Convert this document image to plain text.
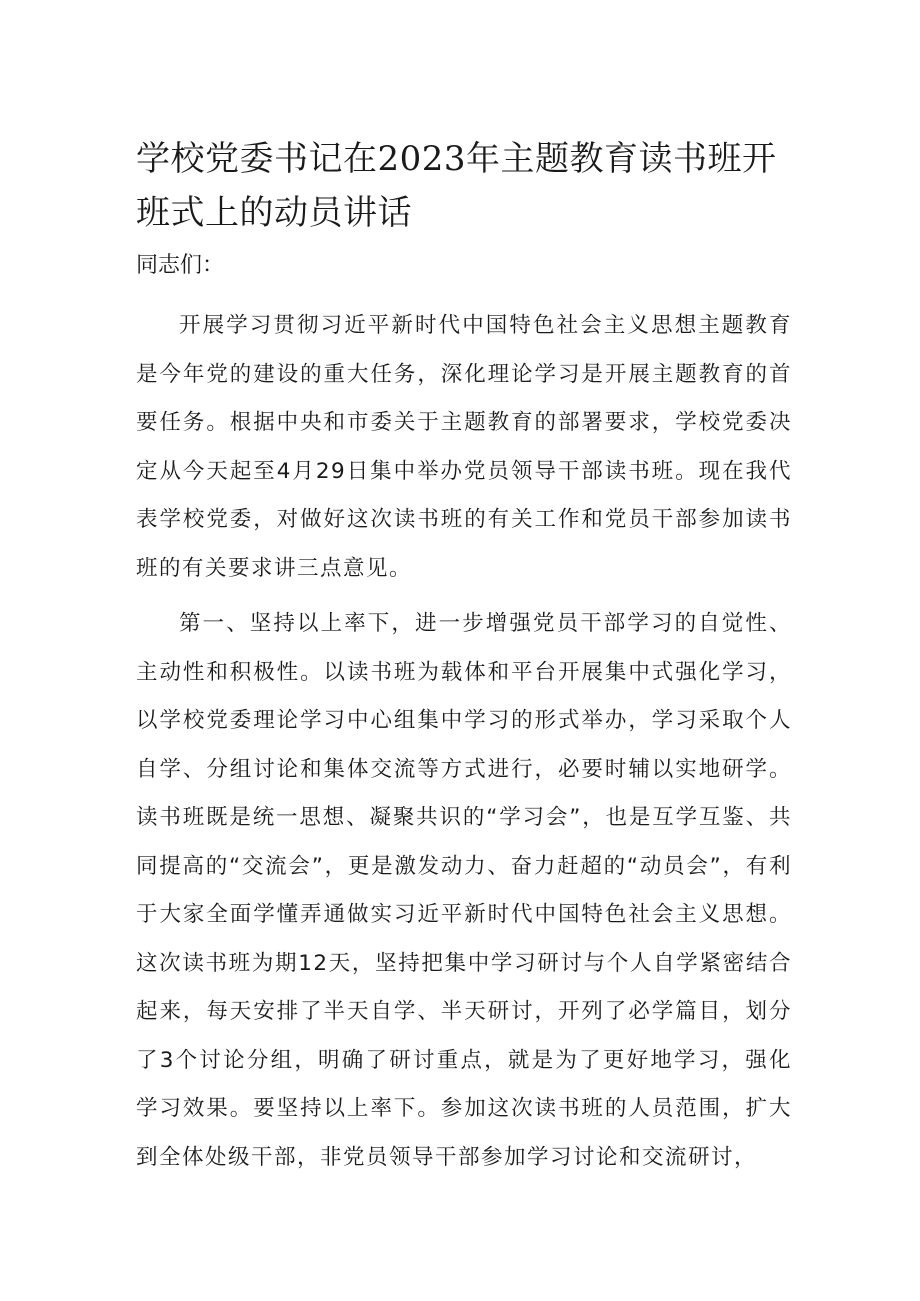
学校党委书记在2023年主题教育读书班开班式上的动员讲话

同志们：

开展学习贯彻习近平新时代中国特色社会主义思想主题教育是今年党的建设的重大任务，深化理论学习是开展主题教育的首要任务。根据中央和市委关于主题教育的部署要求，学校党委决定从今天起至4月29日集中举办党员领导干部读书班。现在我代表学校党委，对做好这次读书班的有关工作和党员干部参加读书班的有关要求讲三点意见。

第一、坚持以上率下，进一步增强党员干部学习的自觉性、主动性和积极性。以读书班为载体和平台开展集中式强化学习，以学校党委理论学习中心组集中学习的形式举办，学习采取个人自学、分组讨论和集体交流等方式进行，必要时辅以实地研学。读书班既是统一思想、凝聚共识的“学习会”，也是互学互鉴、共同提高的“交流会”，更是激发动力、奋力赶超的“动员会”，有利于大家全面学懂弄通做实习近平新时代中国特色社会主义思想。这次读书班为期12天，坚持把集中学习研讨与个人自学紧密结合起来，每天安排了半天自学、半天研讨，开列了必学篇目，划分了3个讨论分组，明确了研讨重点，就是为了更好地学习，强化学习效果。要坚持以上率下。参加这次读书班的人员范围，扩大到全体处级干部，非党员领导干部参加学习讨论和交流研讨，
